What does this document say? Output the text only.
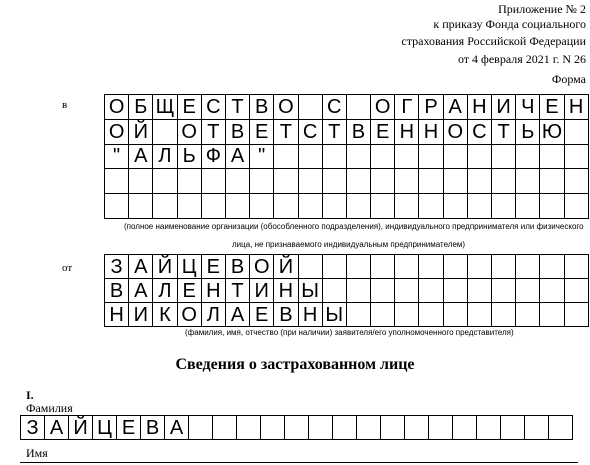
Приложение № 2
к приказу Фонда социального
страхования Российской Федерации
от 4 февраля 2021 г. N 26
Форма
в О Б Щ Е С Т В О С О Г Р А Н И Ч Е Н
О Й О Т В Е Т С Т В Е Н Н О С Т Ь Ю
" А Л Ь Ф А "
(полное наименование организации (обособленного подразделения), индивидуального предпринимателя или физического
лица, не признаваемого индивидуальным предпринимателем)
от	З А Й Ц Е В О Й
В А Л Е Н Т И Н Ы
Н И К О Л А Е В Н Ы
(фамилия, имя, отчество (при наличии) заявителя/его уполномоченного представителя)
Сведения о застрахованном лице
I.
Фамилия
З А Й Ц Е В А
Имя
